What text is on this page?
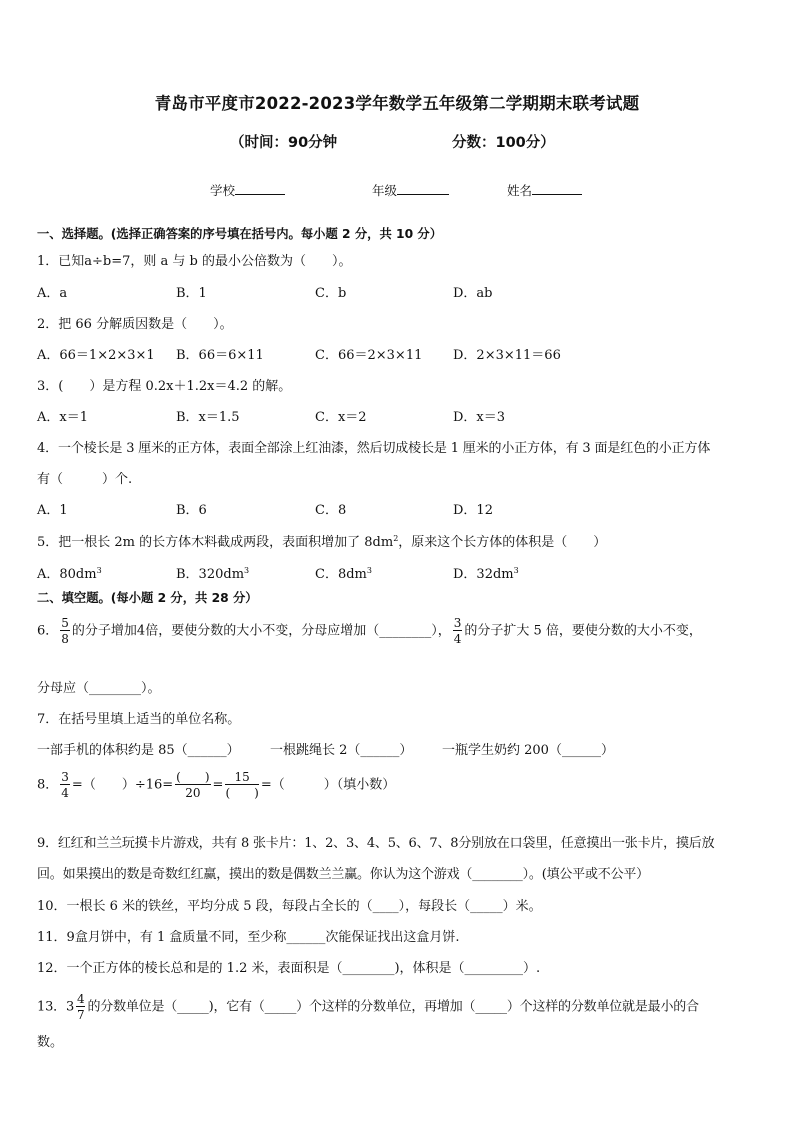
青岛市平度市2022-2023学年数学五年级第二学期期末联考试题
（时间：90分钟	分数：100分）
学校	年级	姓名
一、选择题。(选择正确答案的序号填在括号内。每小题 2 分，共 10 分）
1．已知a÷b=7，则 a 与 b 的最小公倍数为（　　）。
A．a	B．1	C．b	D．ab
2．把 66 分解质因数是（　　）。
A．66＝1×2×3×1 B．66＝6×11	C．66＝2×3×11 D．2×3×11＝66
3．(　　）是方程 0.2x＋1.2x＝4.2 的解。
A．x＝1	B．x＝1.5	C．x＝2	D．x＝3
4．一个棱长是 3 厘米的正方体，表面全部涂上红油漆，然后切成棱长是 1 厘米的小正方体，有 3 面是红色的小正方体
有（　　　）个.
A．1	B．6	C．8	D．12
5．把一根长 2m 的长方体木料截成两段，表面积增加了 $8dm^2$，原来这个长方体的体积是（　　）
A．$80dm^3$	B．$320dm^3$	C．$8dm^3$	D．$32dm^3$
二、填空题。(每小题 2 分，共 28 分）
6． $\frac{5}{8}$ 的分子增加4倍，要使分数的大小不变，分母应增加（________）， $\frac{3}{4}$ 的分子扩大 5 倍，要使分数的大小不变，
分母应（________）。
7．在括号里填上适当的单位名称。
一部手机的体积约是 85（______） 一根跳绳长 2（______） 一瓶学生奶约 200（______）
8． $\frac{3}{4}$ =（　　）$\div 16= \frac{( )}{20} = \frac{15}{( )}$ =（　　　）（填小数）
9．红红和兰兰玩摸卡片游戏，共有 8 张卡片：1、2、3、4、5、6、7、8分别放在口袋里，任意摸出一张卡片，摸后放
回。如果摸出的数是奇数红红赢，摸出的数是偶数兰兰赢。你认为这个游戏（________）。(填公平或不公平）
10．一根长 6 米的铁丝，平均分成 5 段，每段占全长的（____），每段长（_____）米。
11．9盒月饼中，有 1 盒质量不同，至少称______次能保证找出这盒月饼.
12．一个正方体的棱长总和是的 1.2 米，表面积是（________)，体积是（_________）.
13．$3 \frac{4}{7}$ 的分数单位是（_____)，它有（_____）个这样的分数单位，再增加（_____）个这样的分数单位就是最小的合
数。
